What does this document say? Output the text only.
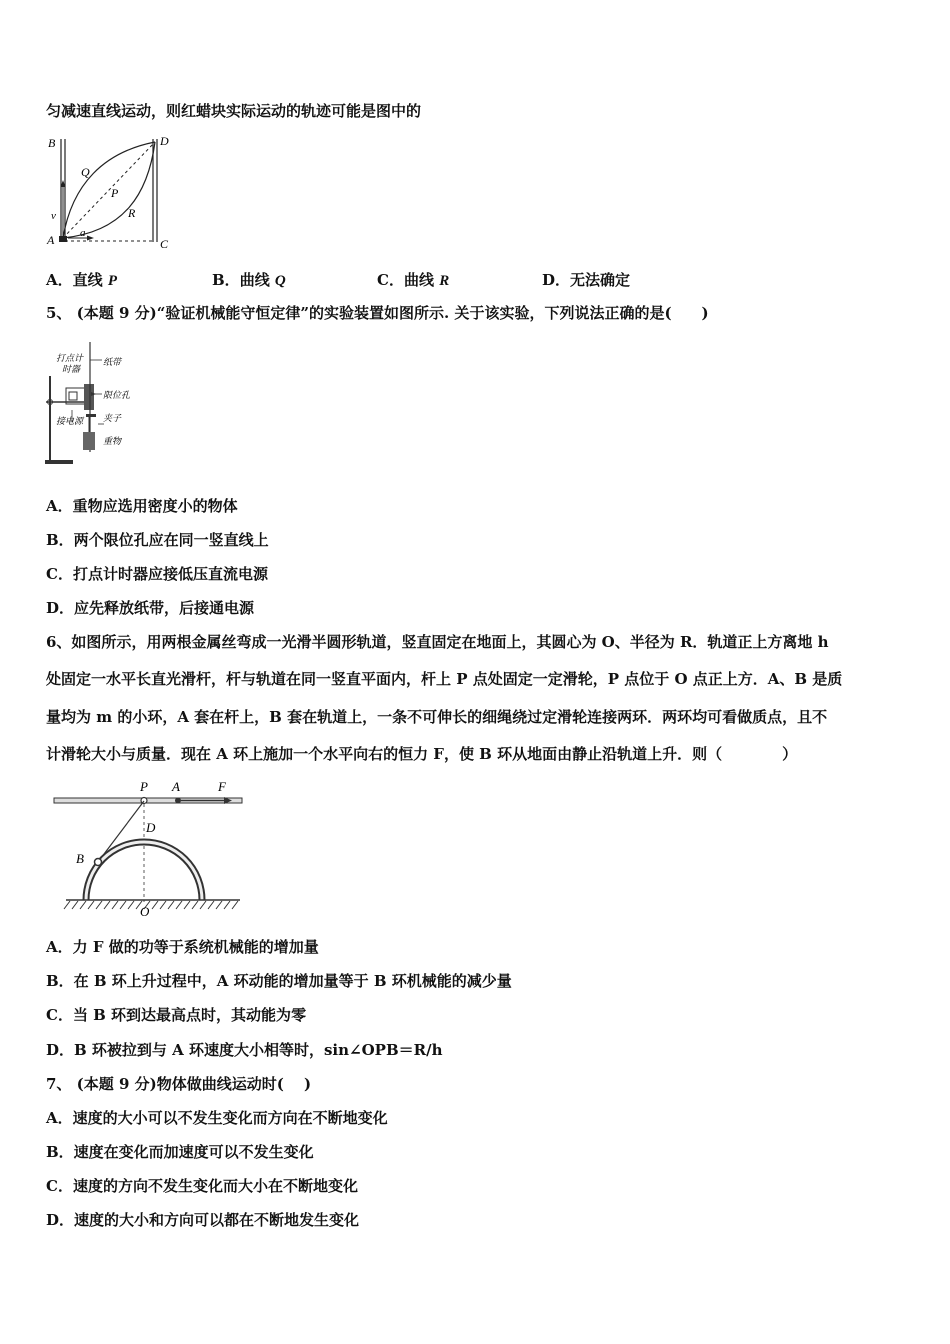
匀减速直线运动，则红蜡块实际运动的轨迹可能是图中的
B	D
Q
P
R
v
A a
C
A．直线 P	B．曲线 Q	C．曲线 R	D．无法确定
5、 (本题 9 分)“验证机械能守恒定律”的实验装置如图所示. 关于该实验，下列说法正确的是(　　)
打点计
时器
纸带
限位孔
接电源 夹子
重物
A．重物应选用密度小的物体
B．两个限位孔应在同一竖直线上
C．打点计时器应接低压直流电源
D．应先释放纸带，后接通电源
6、如图所示，用两根金属丝弯成一光滑半圆形轨道，竖直固定在地面上，其圆心为 O、半径为 R．轨道正上方离地 h
处固定一水平长直光滑杆，杆与轨道在同一竖直平面内，杆上 P 点处固定一定滑轮，P 点位于 O 点正上方．A、B 是质
量均为 m 的小环，A 套在杆上，B 套在轨道上，一条不可伸长的细绳绕过定滑轮连接两环．两环均可看做质点，且不
计滑轮大小与质量．现在 A 环上施加一个水平向右的恒力 F，使 B 环从地面由静止沿轨道上升．则（　　　　）
P A	F
D
B
O
A．力 F 做的功等于系统机械能的增加量
B．在 B 环上升过程中，A 环动能的增加量等于 B 环机械能的减少量
C．当 B 环到达最高点时，其动能为零
D．B 环被拉到与 A 环速度大小相等时，sin∠OPB＝R/h
7、 (本题 9 分)物体做曲线运动时(　 )
A．速度的大小可以不发生变化而方向在不断地变化
B．速度在变化而加速度可以不发生变化
C．速度的方向不发生变化而大小在不断地变化
D．速度的大小和方向可以都在不断地发生变化
